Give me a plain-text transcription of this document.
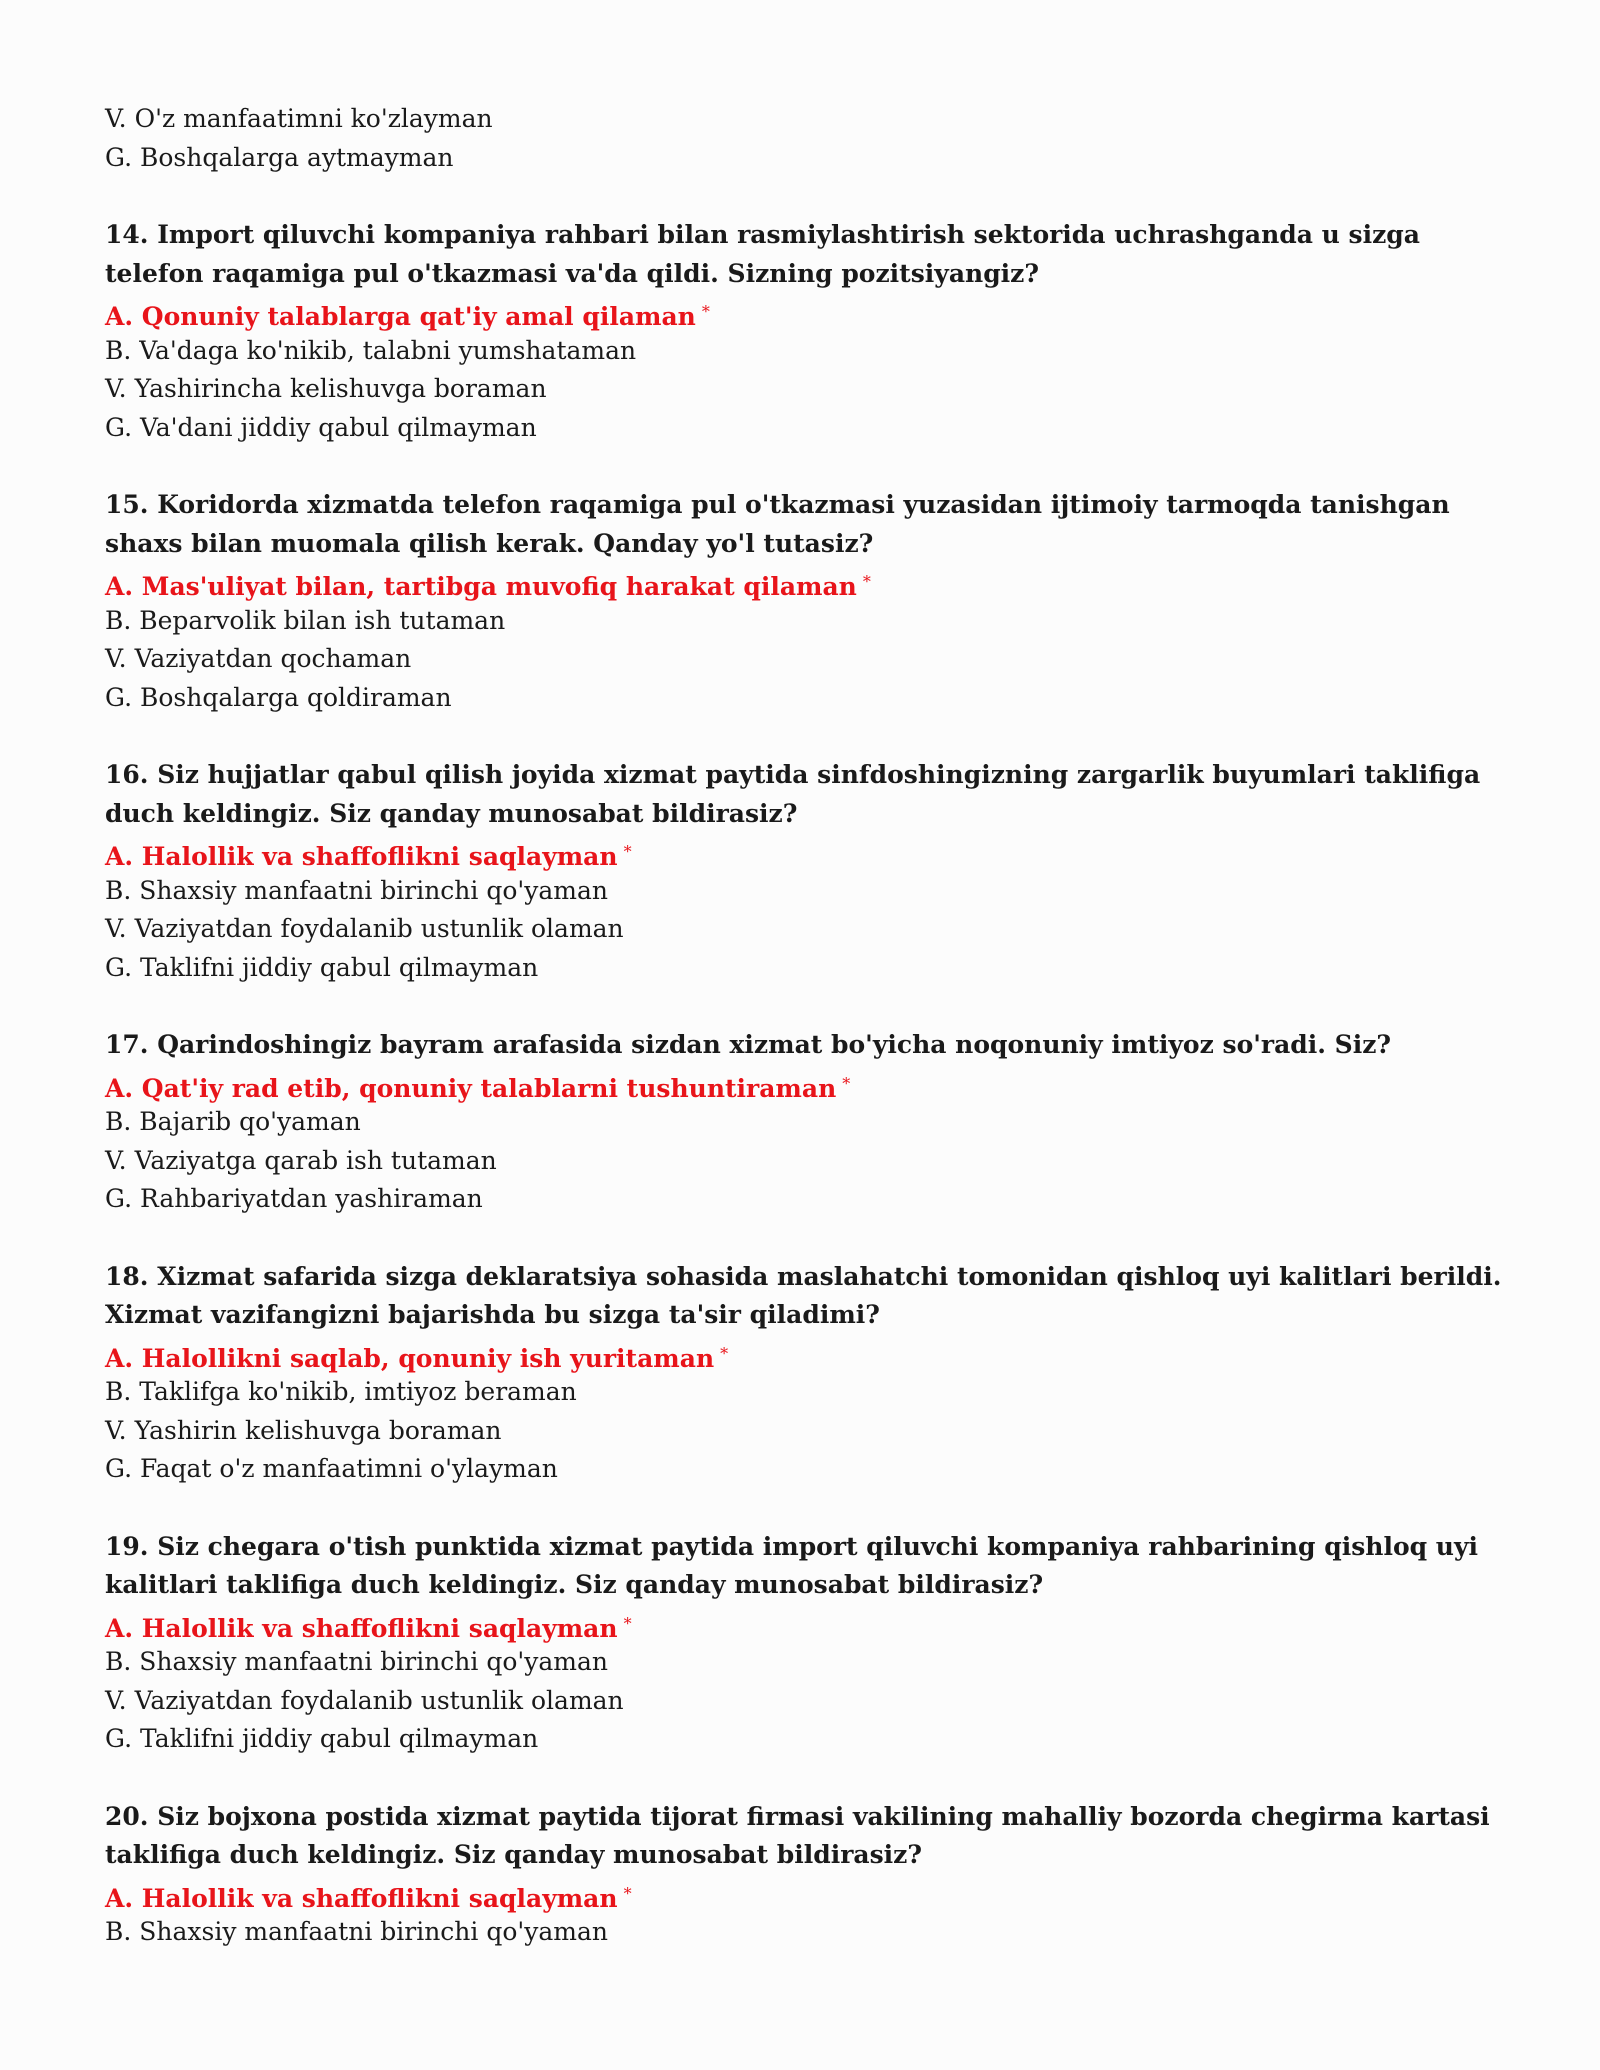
V. O'z manfaatimni ko'zlayman
G. Boshqalarga aytmayman

14. Import qiluvchi kompaniya rahbari bilan rasmiylashtirish sektorida uchrashganda u sizga telefon raqamiga pul o'tkazmasi va'da qildi. Sizning pozitsiyangiz?

A. Qonuniy talablarga qat'iy amal qilaman *
B. Va'daga ko'nikib, talabni yumshataman
V. Yashirincha kelishuvga boraman
G. Va'dani jiddiy qabul qilmayman

15. Koridorda xizmatda telefon raqamiga pul o'tkazmasi yuzasidan ijtimoiy tarmoqda tanishgan shaxs bilan muomala qilish kerak. Qanday yo'l tutasiz?

A. Mas'uliyat bilan, tartibga muvofiq harakat qilaman *
B. Beparvolik bilan ish tutaman
V. Vaziyatdan qochaman
G. Boshqalarga qoldiraman

16. Siz hujjatlar qabul qilish joyida xizmat paytida sinfdoshingizning zargarlik buyumlari taklifiga duch keldingiz. Siz qanday munosabat bildirasiz?

A. Halollik va shaffoflikni saqlayman *
B. Shaxsiy manfaatni birinchi qo'yaman
V. Vaziyatdan foydalanib ustunlik olaman
G. Taklifni jiddiy qabul qilmayman

17. Qarindoshingiz bayram arafasida sizdan xizmat bo'yicha noqonuniy imtiyoz so'radi. Siz?

A. Qat'iy rad etib, qonuniy talablarni tushuntiraman *
B. Bajarib qo'yaman
V. Vaziyatga qarab ish tutaman
G. Rahbariyatdan yashiraman

18. Xizmat safarida sizga deklaratsiya sohasida maslahatchi tomonidan qishloq uyi kalitlari berildi. Xizmat vazifangizni bajarishda bu sizga ta'sir qiladimi?

A. Halollikni saqlab, qonuniy ish yuritaman *
B. Taklifga ko'nikib, imtiyoz beraman
V. Yashirin kelishuvga boraman
G. Faqat o'z manfaatimni o'ylayman

19. Siz chegara o'tish punktida xizmat paytida import qiluvchi kompaniya rahbarining qishloq uyi kalitlari taklifiga duch keldingiz. Siz qanday munosabat bildirasiz?

A. Halollik va shaffoflikni saqlayman *
B. Shaxsiy manfaatni birinchi qo'yaman
V. Vaziyatdan foydalanib ustunlik olaman
G. Taklifni jiddiy qabul qilmayman

20. Siz bojxona postida xizmat paytida tijorat firmasi vakilining mahalliy bozorda chegirma kartasi taklifiga duch keldingiz. Siz qanday munosabat bildirasiz?

A. Halollik va shaffoflikni saqlayman *
B. Shaxsiy manfaatni birinchi qo'yaman
